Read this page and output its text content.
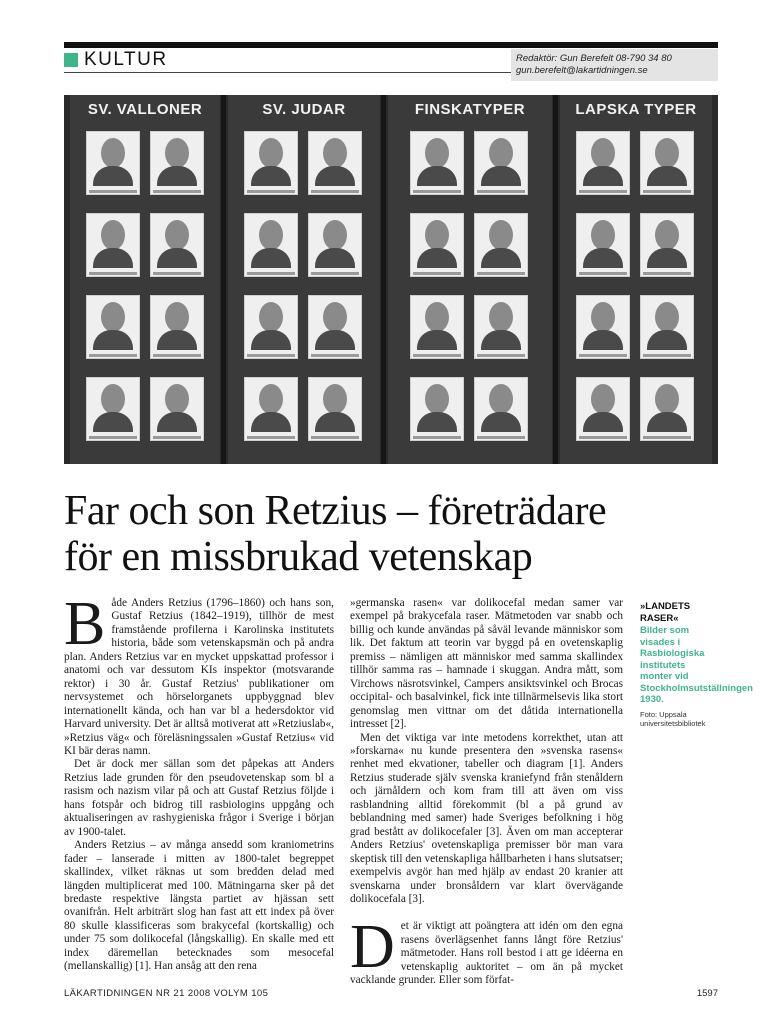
KULTUR	Redaktör: Gun Berefelt 08-790 34 80
gun.berefelt@lakartidningen.se
SV. VALLONER	SV. JUDAR	FINSKATYPER	LAPSKA TYPER
Far och son Retzius – företrädare
för en missbrukad vetenskap

Både Anders Retzius (1796–1860) och hans son, Gustaf Retzius (1842–1919), tillhör de mest framstående profilerna i Karolinska institutets historia, både som vetenskapsmän och på andra plan. Anders Retzius var en mycket uppskattad professor i anatomi och var dessutom KIs inspektor (motsvarande rektor) i 30 år. Gustaf Retzius' publikationer om nervsystemet och hörselorganets uppbyggnad blev internationellt kända, och han var bl a hedersdoktor vid Harvard university. Det är alltså motiverat att »Retziuslab«, »Retzius väg« och föreläsningssalen »Gustaf Retzius« vid KI bär deras namn.

Det är dock mer sällan som det påpekas att Anders Retzius lade grunden för den pseudovetenskap som bl a rasism och nazism vilar på och att Gustaf Retzius följde i hans fotspår och bidrog till rasbiologins uppgång och aktualiseringen av rashygieniska frågor i Sverige i början av 1900-talet.

Anders Retzius – av många ansedd som kraniometrins fader – lanserade i mitten av 1800-talet begreppet skallindex, vilket räknas ut som bredden delad med längden multiplicerat med 100. Mätningarna sker på det bredaste respektive längsta partiet av hjässan sett ovanifrån. Helt arbiträrt slog han fast att ett index på över 80 skulle klassificeras som brakycefal (kortskallig) och under 75 som dolikocefal (långskallig). En skalle med ett index däremellan betecknades som mesocefal (mellanskallig) [1]. Han ansåg att den rena

»germanska rasen« var dolikocefal medan samer var exempel på brakycefala raser. Mätmetoden var snabb och billig och kunde användas på såväl levande människor som lik. Det faktum att teorin var byggd på en ovetenskaplig premiss – nämligen att människor med samma skallindex tillhör samma ras – hamnade i skuggan. Andra mått, som Virchows näsrotsvinkel, Campers ansiktsvinkel och Brocas occipital- och basalvinkel, fick inte tillnärmelsevis lika stort genomslag men vittnar om det dåtida internationella intresset [2].

Men det viktiga var inte metodens korrekthet, utan att »forskarna« nu kunde presentera den »svenska rasens« renhet med ekvationer, tabeller och diagram [1]. Anders Retzius studerade själv svenska kraniefynd från stenåldern och järnåldern och kom fram till att även om viss rasblandning alltid förekommit (bl a på grund av beblandning med samer) hade Sveriges befolkning i hög grad bestått av dolikocefaler [3]. Även om man accepterar Anders Retzius' ovetenskapliga premisser bör man vara skeptisk till den vetenskapliga hållbarheten i hans slutsatser; exempelvis avgör han med hjälp av endast 20 kranier att svenskarna under bronsåldern var klart övervägande dolikocefala [3].

Det är viktigt att poängtera att idén om den egna rasens överlägsenhet fanns långt före Retzius' mätmetoder. Hans roll bestod i att ge idéerna en vetenskaplig auktoritet – om än på mycket vacklande grunder. Eller som förfat-

»LANDETS RASER«
Bilder som visades i Rasbiologiska institutets monter vid Stockholmsutställningen 1930.
Foto: Uppsala universitetsbibliotek
LÄKARTIDNINGEN NR 21 2008 VOLYM 105	1597
